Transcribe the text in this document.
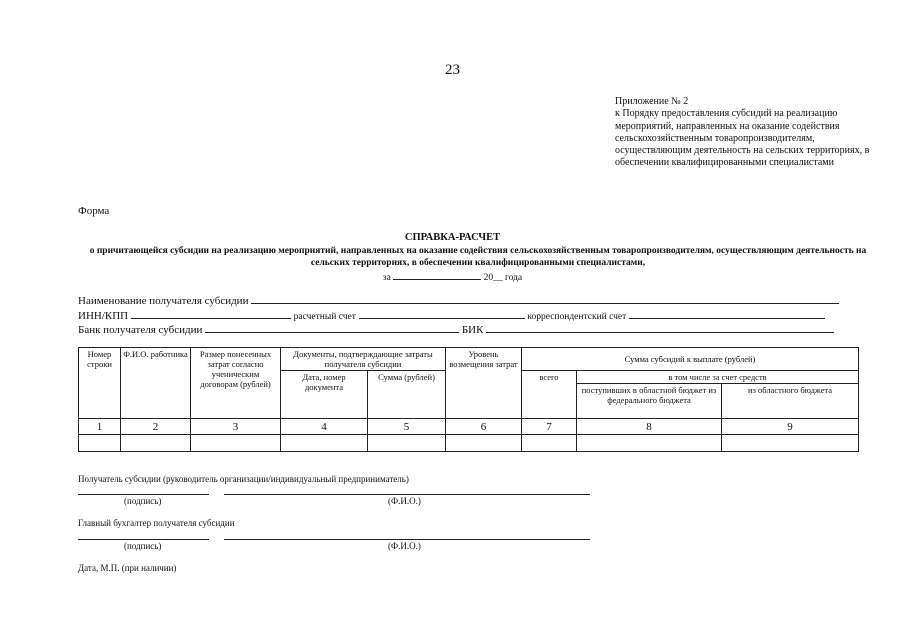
23
Приложение № 2
к Порядку предоставления субсидий на реализацию мероприятий, направленных на оказание содействия сельскохозяйственным товаропроизводителям, осуществляющим деятельность на сельских территориях, в обеспечении квалифицированными специалистами
Форма
СПРАВКА-РАСЧЕТ
о причитающейся субсидии на реализацию мероприятий, направленных на оказание содействия сельскохозяйственным товаропроизводителям, осуществляющим деятельность на сельских территориях, в обеспечении квалифицированными специалистами,
за	20__ года
Наименование получателя субсидии
ИНН/КПП	расчетный счет	корреспондентский счет
Банк получателя субсидии	БИК
Номер строки	Ф.И.О. работника	Размер понесенных затрат согласно ученическим договорам (рублей)	Документы, подтверждающие затраты получателя субсидии		Уровень возмещения затрат	Сумма субсидий к выплате (рублей)		
			Дата, номер документа	Сумма (рублей)		всего	в том числе за счет средств	
							поступивших в областной бюджет из федерального бюджета	из областного бюджета
1	2	3	4	5	6	7	8	9

Получатель субсидии (руководитель организации/индивидуальный предприниматель)
(подпись)	(Ф.И.О.)
Главный бухгалтер получателя субсидии
(подпись)	(Ф.И.О.)
Дата, М.П. (при наличии)
